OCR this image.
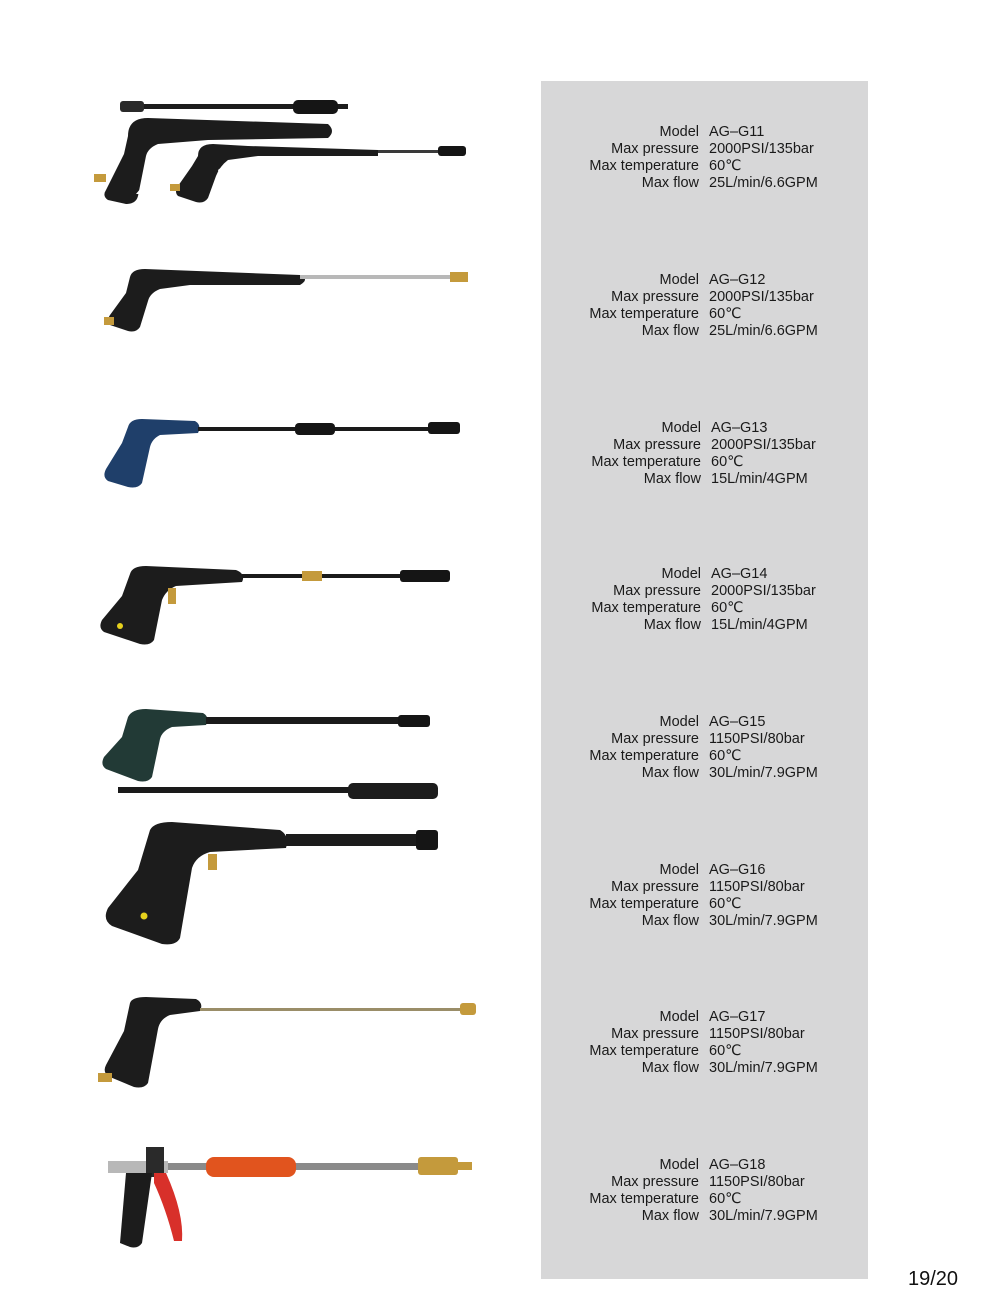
Model AG–G11
Max pressure 2000PSI/135bar
Max temperature 60℃
Max flow 25L/min/6.6GPM
Model AG–G12
Max pressure 2000PSI/135bar
Max temperature 60℃
Max flow 25L/min/6.6GPM
Model AG–G13
Max pressure 2000PSI/135bar
Max temperature 60℃
Max flow 15L/min/4GPM
Model AG–G14
Max pressure 2000PSI/135bar
Max temperature 60℃
Max flow 15L/min/4GPM
Model AG–G15
Max pressure 1150PSI/80bar
Max temperature 60℃
Max flow 30L/min/7.9GPM
Model AG–G16
Max pressure 1150PSI/80bar
Max temperature 60℃
Max flow 30L/min/7.9GPM
Model AG–G17
Max pressure 1150PSI/80bar
Max temperature 60℃
Max flow 30L/min/7.9GPM
Model AG–G18
Max pressure 1150PSI/80bar
Max temperature 60℃
Max flow 30L/min/7.9GPM
19/20
